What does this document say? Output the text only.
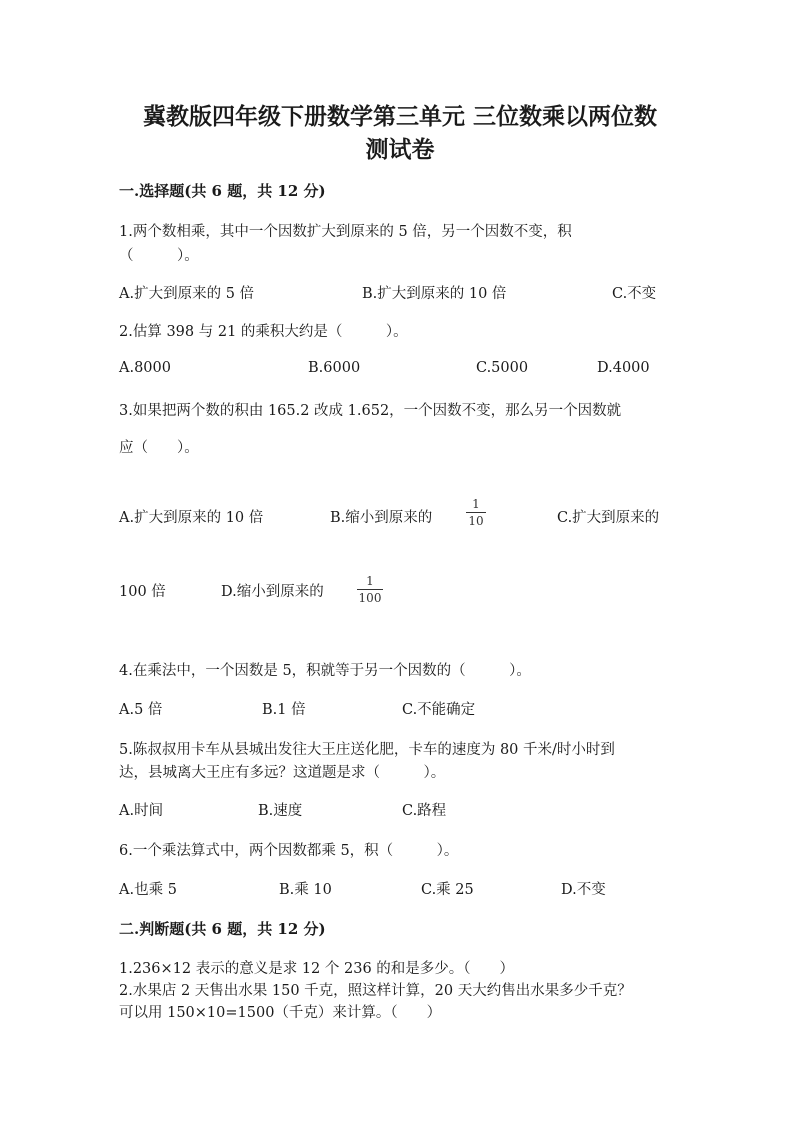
冀教版四年级下册数学第三单元 三位数乘以两位数
测试卷
一.选择题(共 6 题，共 12 分)
1.两个数相乘，其中一个因数扩大到原来的 5 倍，另一个因数不变，积
（　　　）。
A.扩大到原来的 5 倍	B.扩大到原来的 10 倍	C.不变
2.估算 398 与 21 的乘积大约是（　　　）。
A.8000	B.6000	C.5000	D.4000
3.如果把两个数的积由 165.2 改成 1.652，一个因数不变，那么另一个因数就
应（　　）。
A.扩大到原来的 10 倍	B.缩小到原来的
1
10	C.扩大到原来的
100 倍	D.缩小到原来的
1
100
4.在乘法中，一个因数是 5，积就等于另一个因数的（　　　）。
A.5 倍	B.1 倍	C.不能确定
5.陈叔叔用卡车从县城出发往大王庄送化肥，卡车的速度为 80 千米/时小时到
达，县城离大王庄有多远？这道题是求（　　　）。
A.时间	B.速度	C.路程
6.一个乘法算式中，两个因数都乘 5，积（　　　）。
A.也乘 5	B.乘 10	C.乘 25	D.不变
二.判断题(共 6 题，共 12 分)
1.236×12 表示的意义是求 12 个 236 的和是多少。（　　）
2.水果店 2 天售出水果 150 千克，照这样计算，20 天大约售出水果多少千克？
可以用 150×10=1500（千克）来计算。（　　）
